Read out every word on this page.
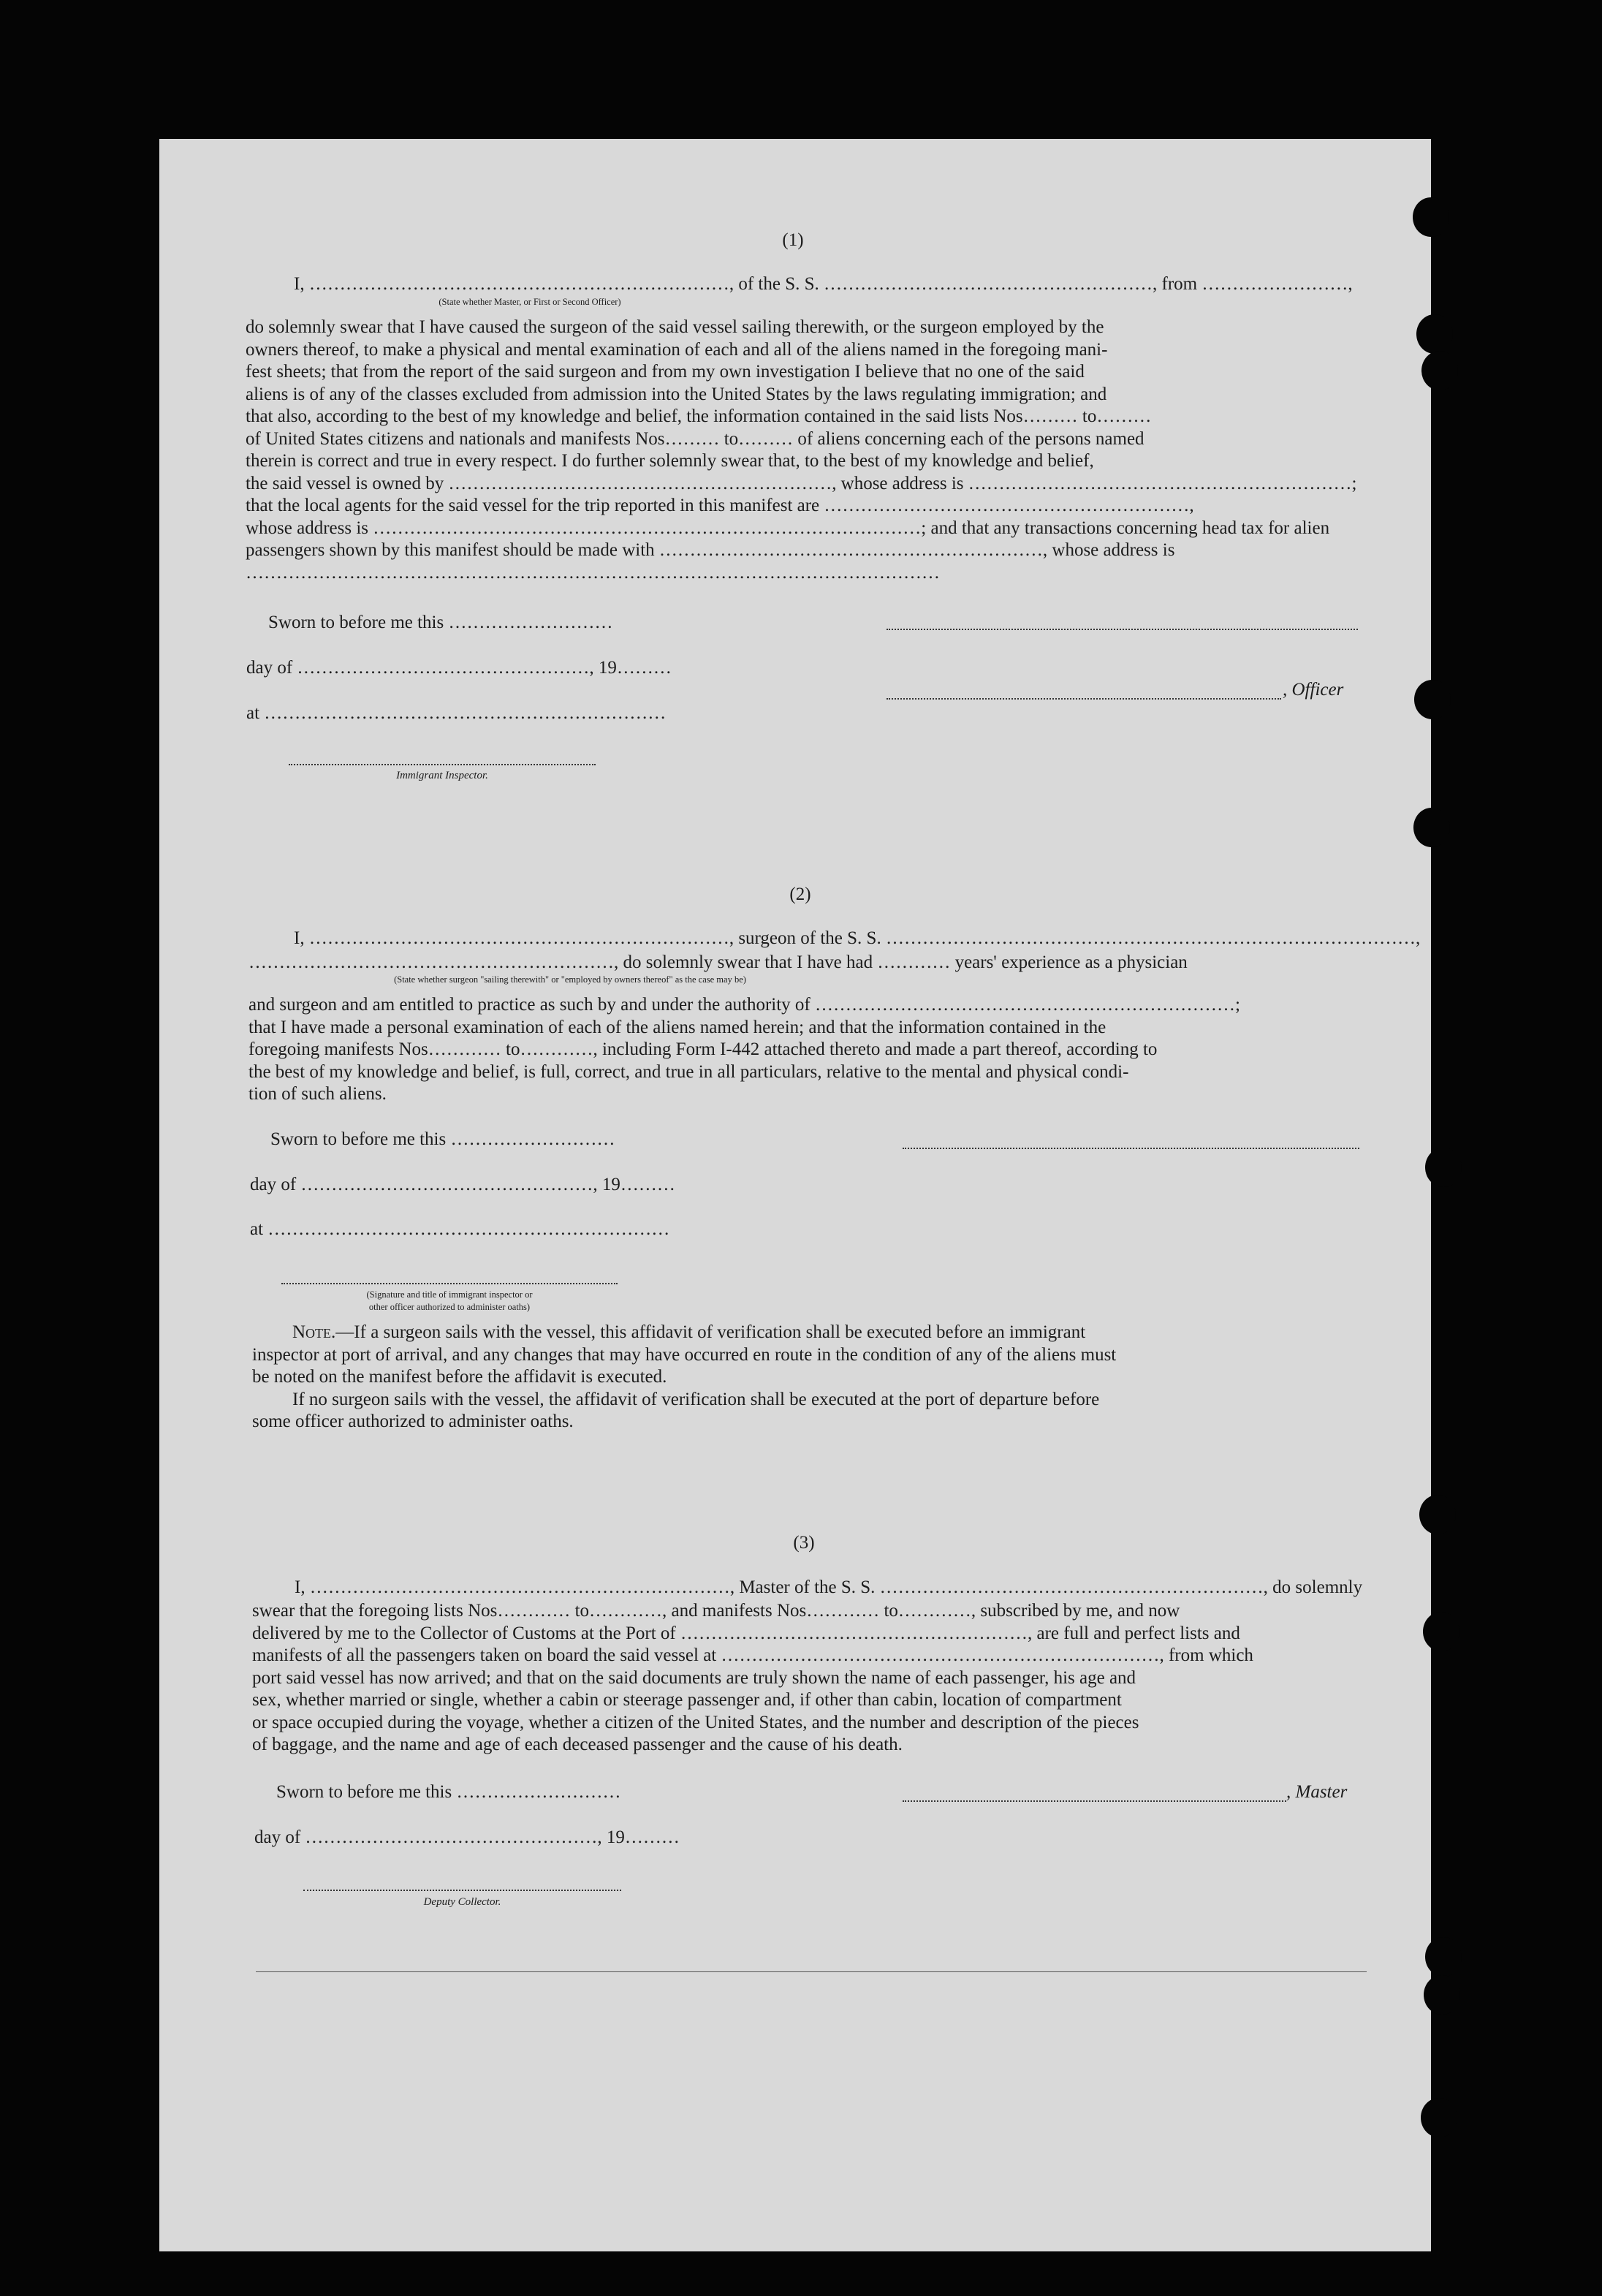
(1)
I, ……………………………………………………………, of the S. S. ………………………………………………, from ……………………,
(State whether Master, or First or Second Officer)
do solemnly swear that I have caused the surgeon of the said vessel sailing therewith, or the surgeon employed by the
owners thereof, to make a physical and mental examination of each and all of the aliens named in the foregoing mani-
fest sheets; that from the report of the said surgeon and from my own investigation I believe that no one of the said
aliens is of any of the classes excluded from admission into the United States by the laws regulating immigration; and
that also, according to the best of my knowledge and belief, the information contained in the said lists Nos……… to………
of United States citizens and nationals and manifests Nos……… to……… of aliens concerning each of the persons named
therein is correct and true in every respect. I do further solemnly swear that, to the best of my knowledge and belief,
the said vessel is owned by ………………………………………………………, whose address is ………………………………………………………;
that the local agents for the said vessel for the trip reported in this manifest are ……………………………………………………,
whose address is ………………………………………………………………………………; and that any transactions concerning head tax for alien
passengers shown by this manifest should be made with ………………………………………………………, whose address is
……………………………………………………………………………………………………
Sworn to before me this ………………………
day of …………………………………………, 19………
at …………………………………………………………
Immigrant Inspector.
, Officer
(2)
I, ……………………………………………………………, surgeon of the S. S. ……………………………………………………………………………,
……………………………………………………, do solemnly swear that I have had ………… years' experience as a physician
(State whether surgeon "sailing therewith" or "employed by owners thereof" as the case may be)
and surgeon and am entitled to practice as such by and under the authority of ……………………………………………………………;
that I have made a personal examination of each of the aliens named herein; and that the information contained in the
foregoing manifests Nos………… to…………, including Form I-442 attached thereto and made a part thereof, according to
the best of my knowledge and belief, is full, correct, and true in all particulars, relative to the mental and physical condi-
tion of such aliens.
Sworn to before me this ………………………
day of …………………………………………, 19………
at …………………………………………………………
(Signature and title of immigrant inspector or
other officer authorized to administer oaths)
Note.—If a surgeon sails with the vessel, this affidavit of verification shall be executed before an immigrant
inspector at port of arrival, and any changes that may have occurred en route in the condition of any of the aliens must
be noted on the manifest before the affidavit is executed.
If no surgeon sails with the vessel, the affidavit of verification shall be executed at the port of departure before
some officer authorized to administer oaths.
(3)
I, ……………………………………………………………, Master of the S. S. ………………………………………………………, do solemnly
swear that the foregoing lists Nos………… to…………, and manifests Nos………… to…………, subscribed by me, and now
delivered by me to the Collector of Customs at the Port of …………………………………………………, are full and perfect lists and
manifests of all the passengers taken on board the said vessel at ………………………………………………………………, from which
port said vessel has now arrived; and that on the said documents are truly shown the name of each passenger, his age and
sex, whether married or single, whether a cabin or steerage passenger and, if other than cabin, location of compartment
or space occupied during the voyage, whether a citizen of the United States, and the number and description of the pieces
of baggage, and the name and age of each deceased passenger and the cause of his death.
Sworn to before me this ………………………
day of …………………………………………, 19………
Deputy Collector.
, Master
